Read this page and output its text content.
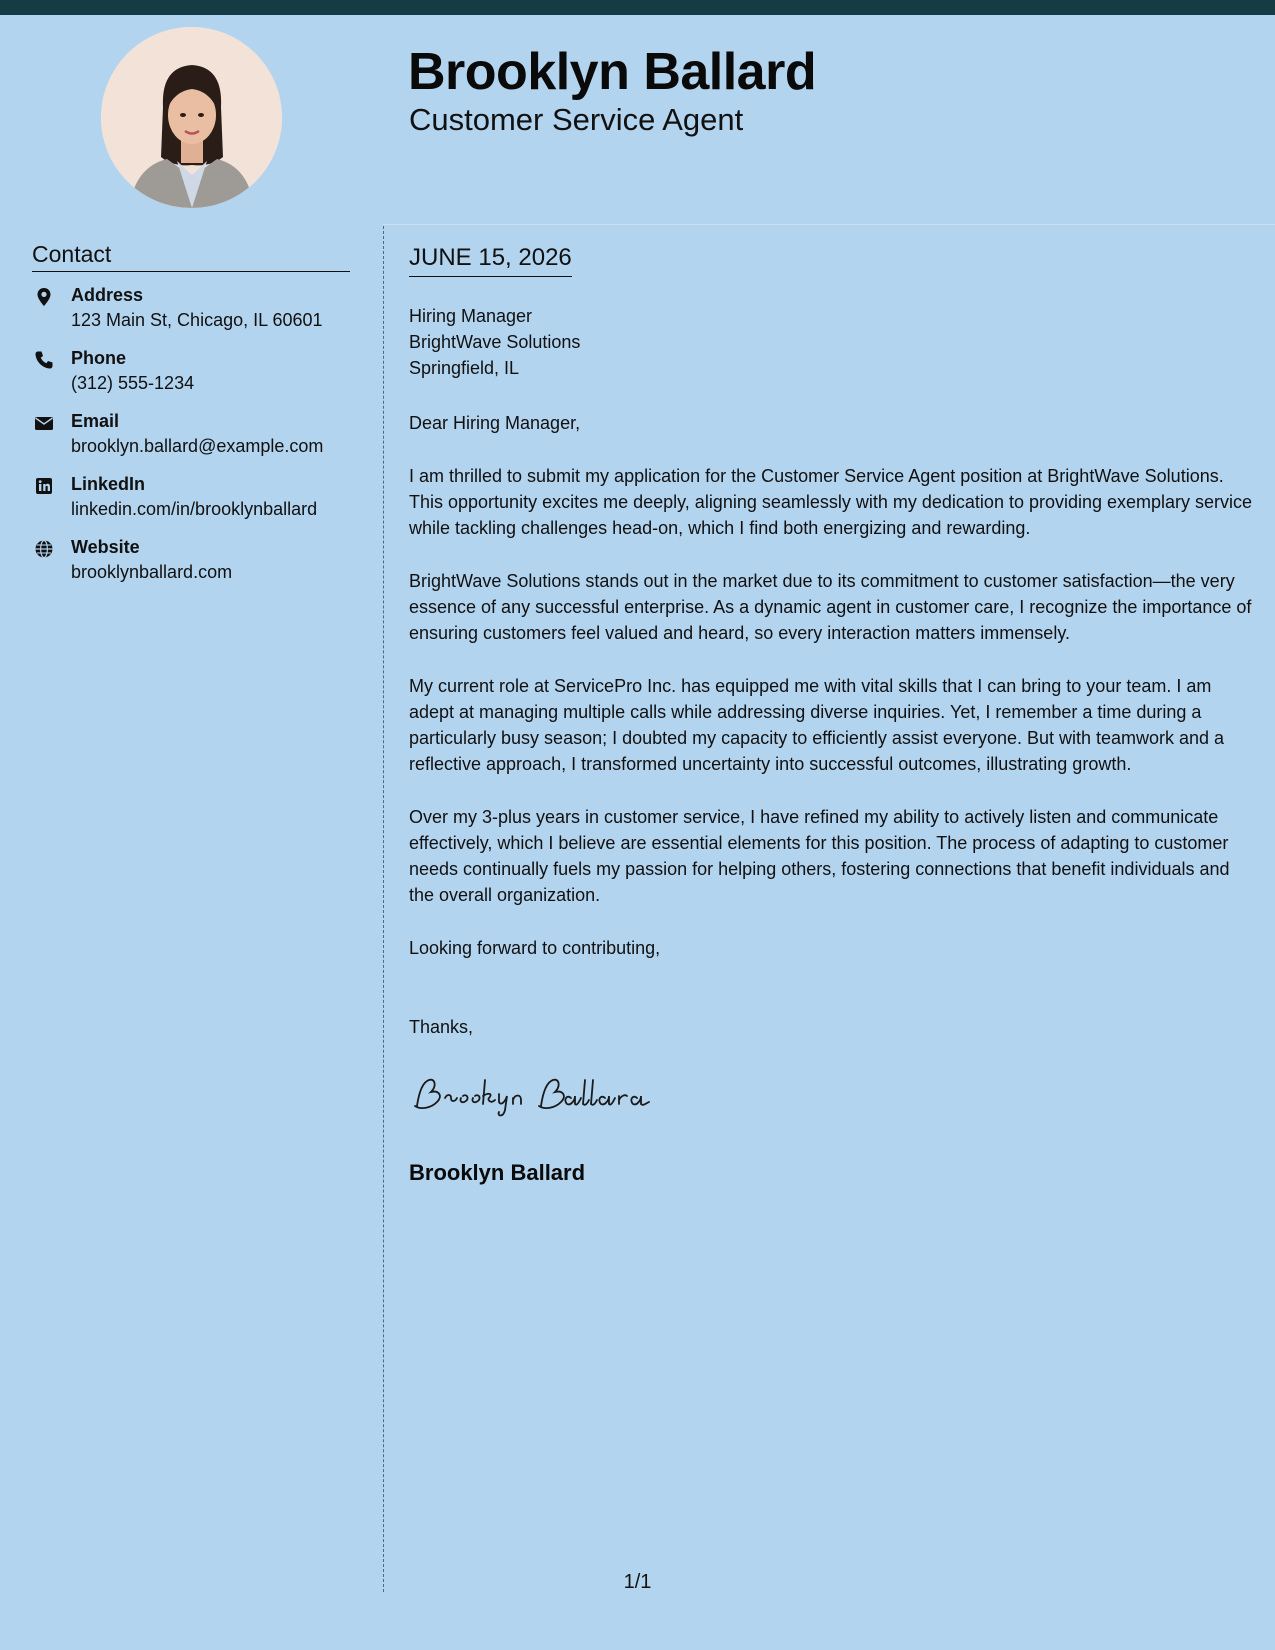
Brooklyn Ballard
Customer Service Agent
Contact
Address
123 Main St, Chicago, IL 60601
Phone
(312) 555-1234
Email
brooklyn.ballard@example.com
LinkedIn
linkedin.com/in/brooklynballard
Website
brooklynballard.com
JUNE 15, 2026
Hiring Manager
BrightWave Solutions
Springfield, IL

Dear Hiring Manager,

I am thrilled to submit my application for the Customer Service Agent position at BrightWave Solutions. This opportunity excites me deeply, aligning seamlessly with my dedication to providing exemplary service while tackling challenges head-on, which I find both energizing and rewarding.

BrightWave Solutions stands out in the market due to its commitment to customer satisfaction—the very essence of any successful enterprise. As a dynamic agent in customer care, I recognize the importance of ensuring customers feel valued and heard, so every interaction matters immensely.

My current role at ServicePro Inc. has equipped me with vital skills that I can bring to your team. I am adept at managing multiple calls while addressing diverse inquiries. Yet, I remember a time during a particularly busy season; I doubted my capacity to efficiently assist everyone. But with teamwork and a reflective approach, I transformed uncertainty into successful outcomes, illustrating growth.

Over my 3-plus years in customer service, I have refined my ability to actively listen and communicate effectively, which I believe are essential elements for this position. The process of adapting to customer needs continually fuels my passion for helping others, fostering connections that benefit individuals and the overall organization.

Looking forward to contributing,

Thanks,

Brooklyn Ballard
1/1
